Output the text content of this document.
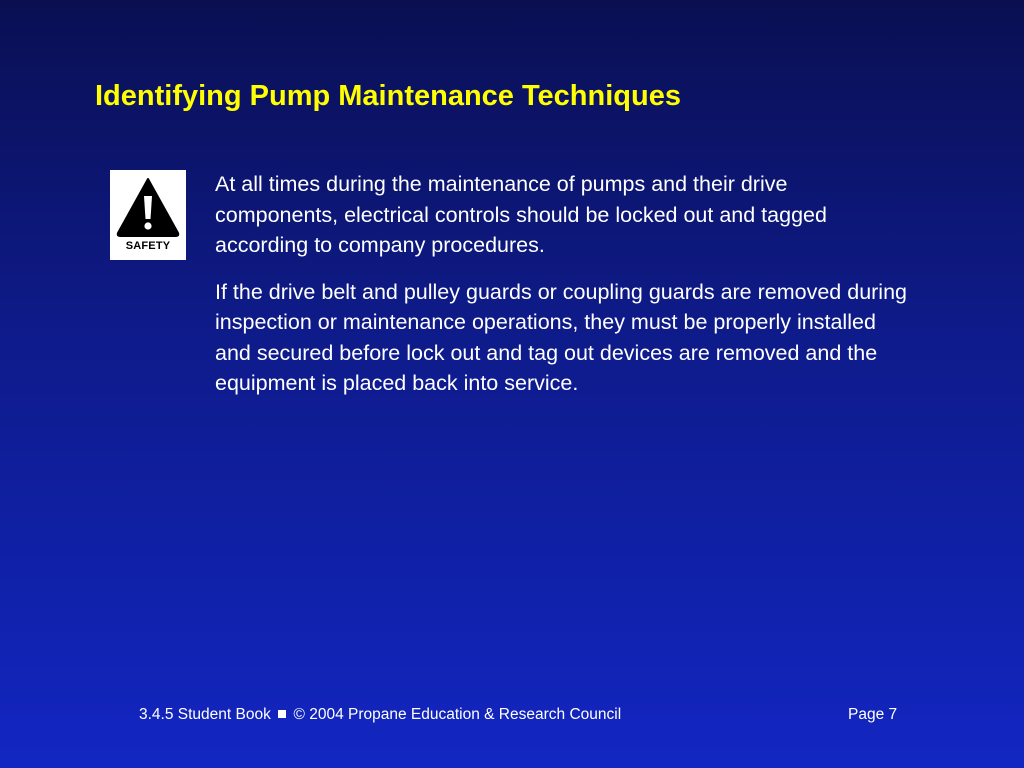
Identifying Pump Maintenance Techniques
SAFETY

At all times during the maintenance of pumps and their drive components, electrical controls should be locked out and tagged according to company procedures.

If the drive belt and pulley guards or coupling guards are removed during inspection or maintenance operations, they must be properly installed and secured before lock out and tag out devices are removed and the equipment is placed back into service.

3.4.5 Student Book © 2004 Propane Education & Research Council	Page 7
